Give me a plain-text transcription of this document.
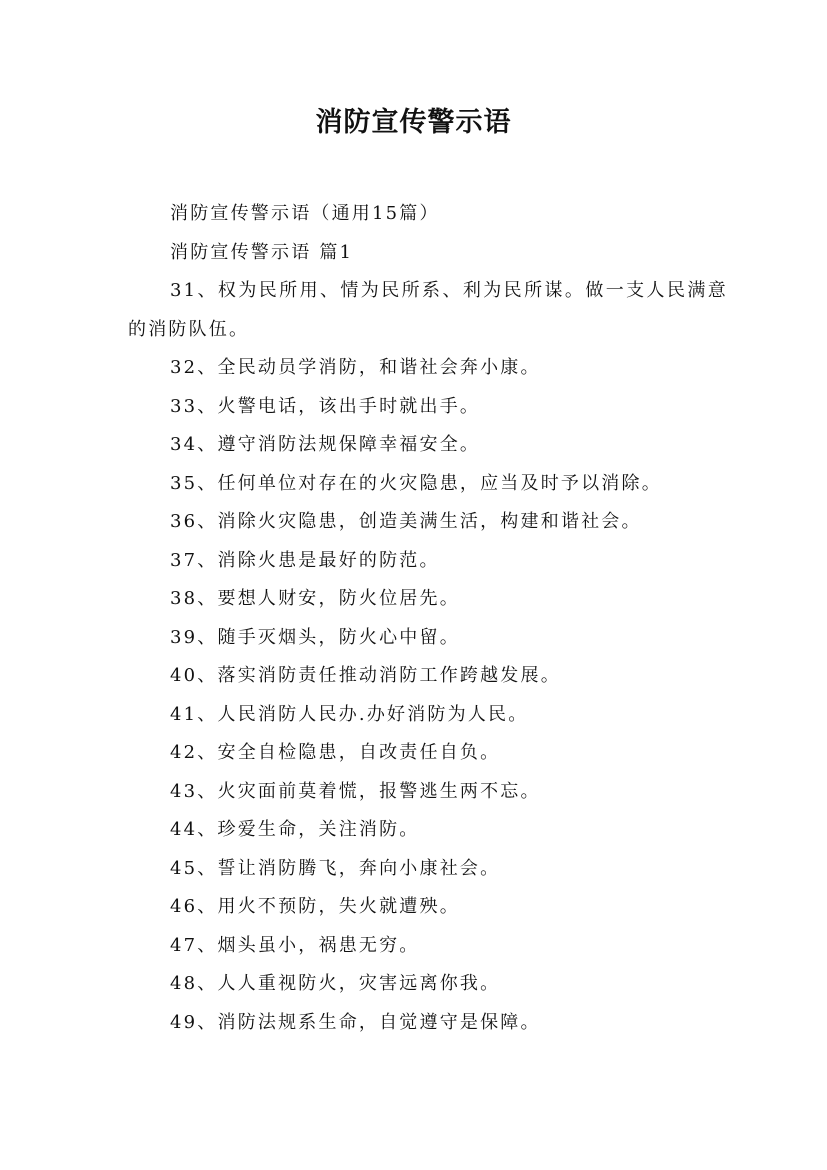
消防宣传警示语

消防宣传警示语（通用15篇）

消防宣传警示语 篇1

31、权为民所用、情为民所系、利为民所谋。做一支人民满意的消防队伍。

32、全民动员学消防，和谐社会奔小康。

33、火警电话，该出手时就出手。

34、遵守消防法规保障幸福安全。

35、任何单位对存在的火灾隐患，应当及时予以消除。

36、消除火灾隐患，创造美满生活，构建和谐社会。

37、消除火患是最好的防范。

38、要想人财安，防火位居先。

39、随手灭烟头，防火心中留。

40、落实消防责任推动消防工作跨越发展。

41、人民消防人民办.办好消防为人民。

42、安全自检隐患，自改责任自负。

43、火灾面前莫着慌，报警逃生两不忘。

44、珍爱生命，关注消防。

45、誓让消防腾飞，奔向小康社会。

46、用火不预防，失火就遭殃。

47、烟头虽小，祸患无穷。

48、人人重视防火，灾害远离你我。

49、消防法规系生命，自觉遵守是保障。
